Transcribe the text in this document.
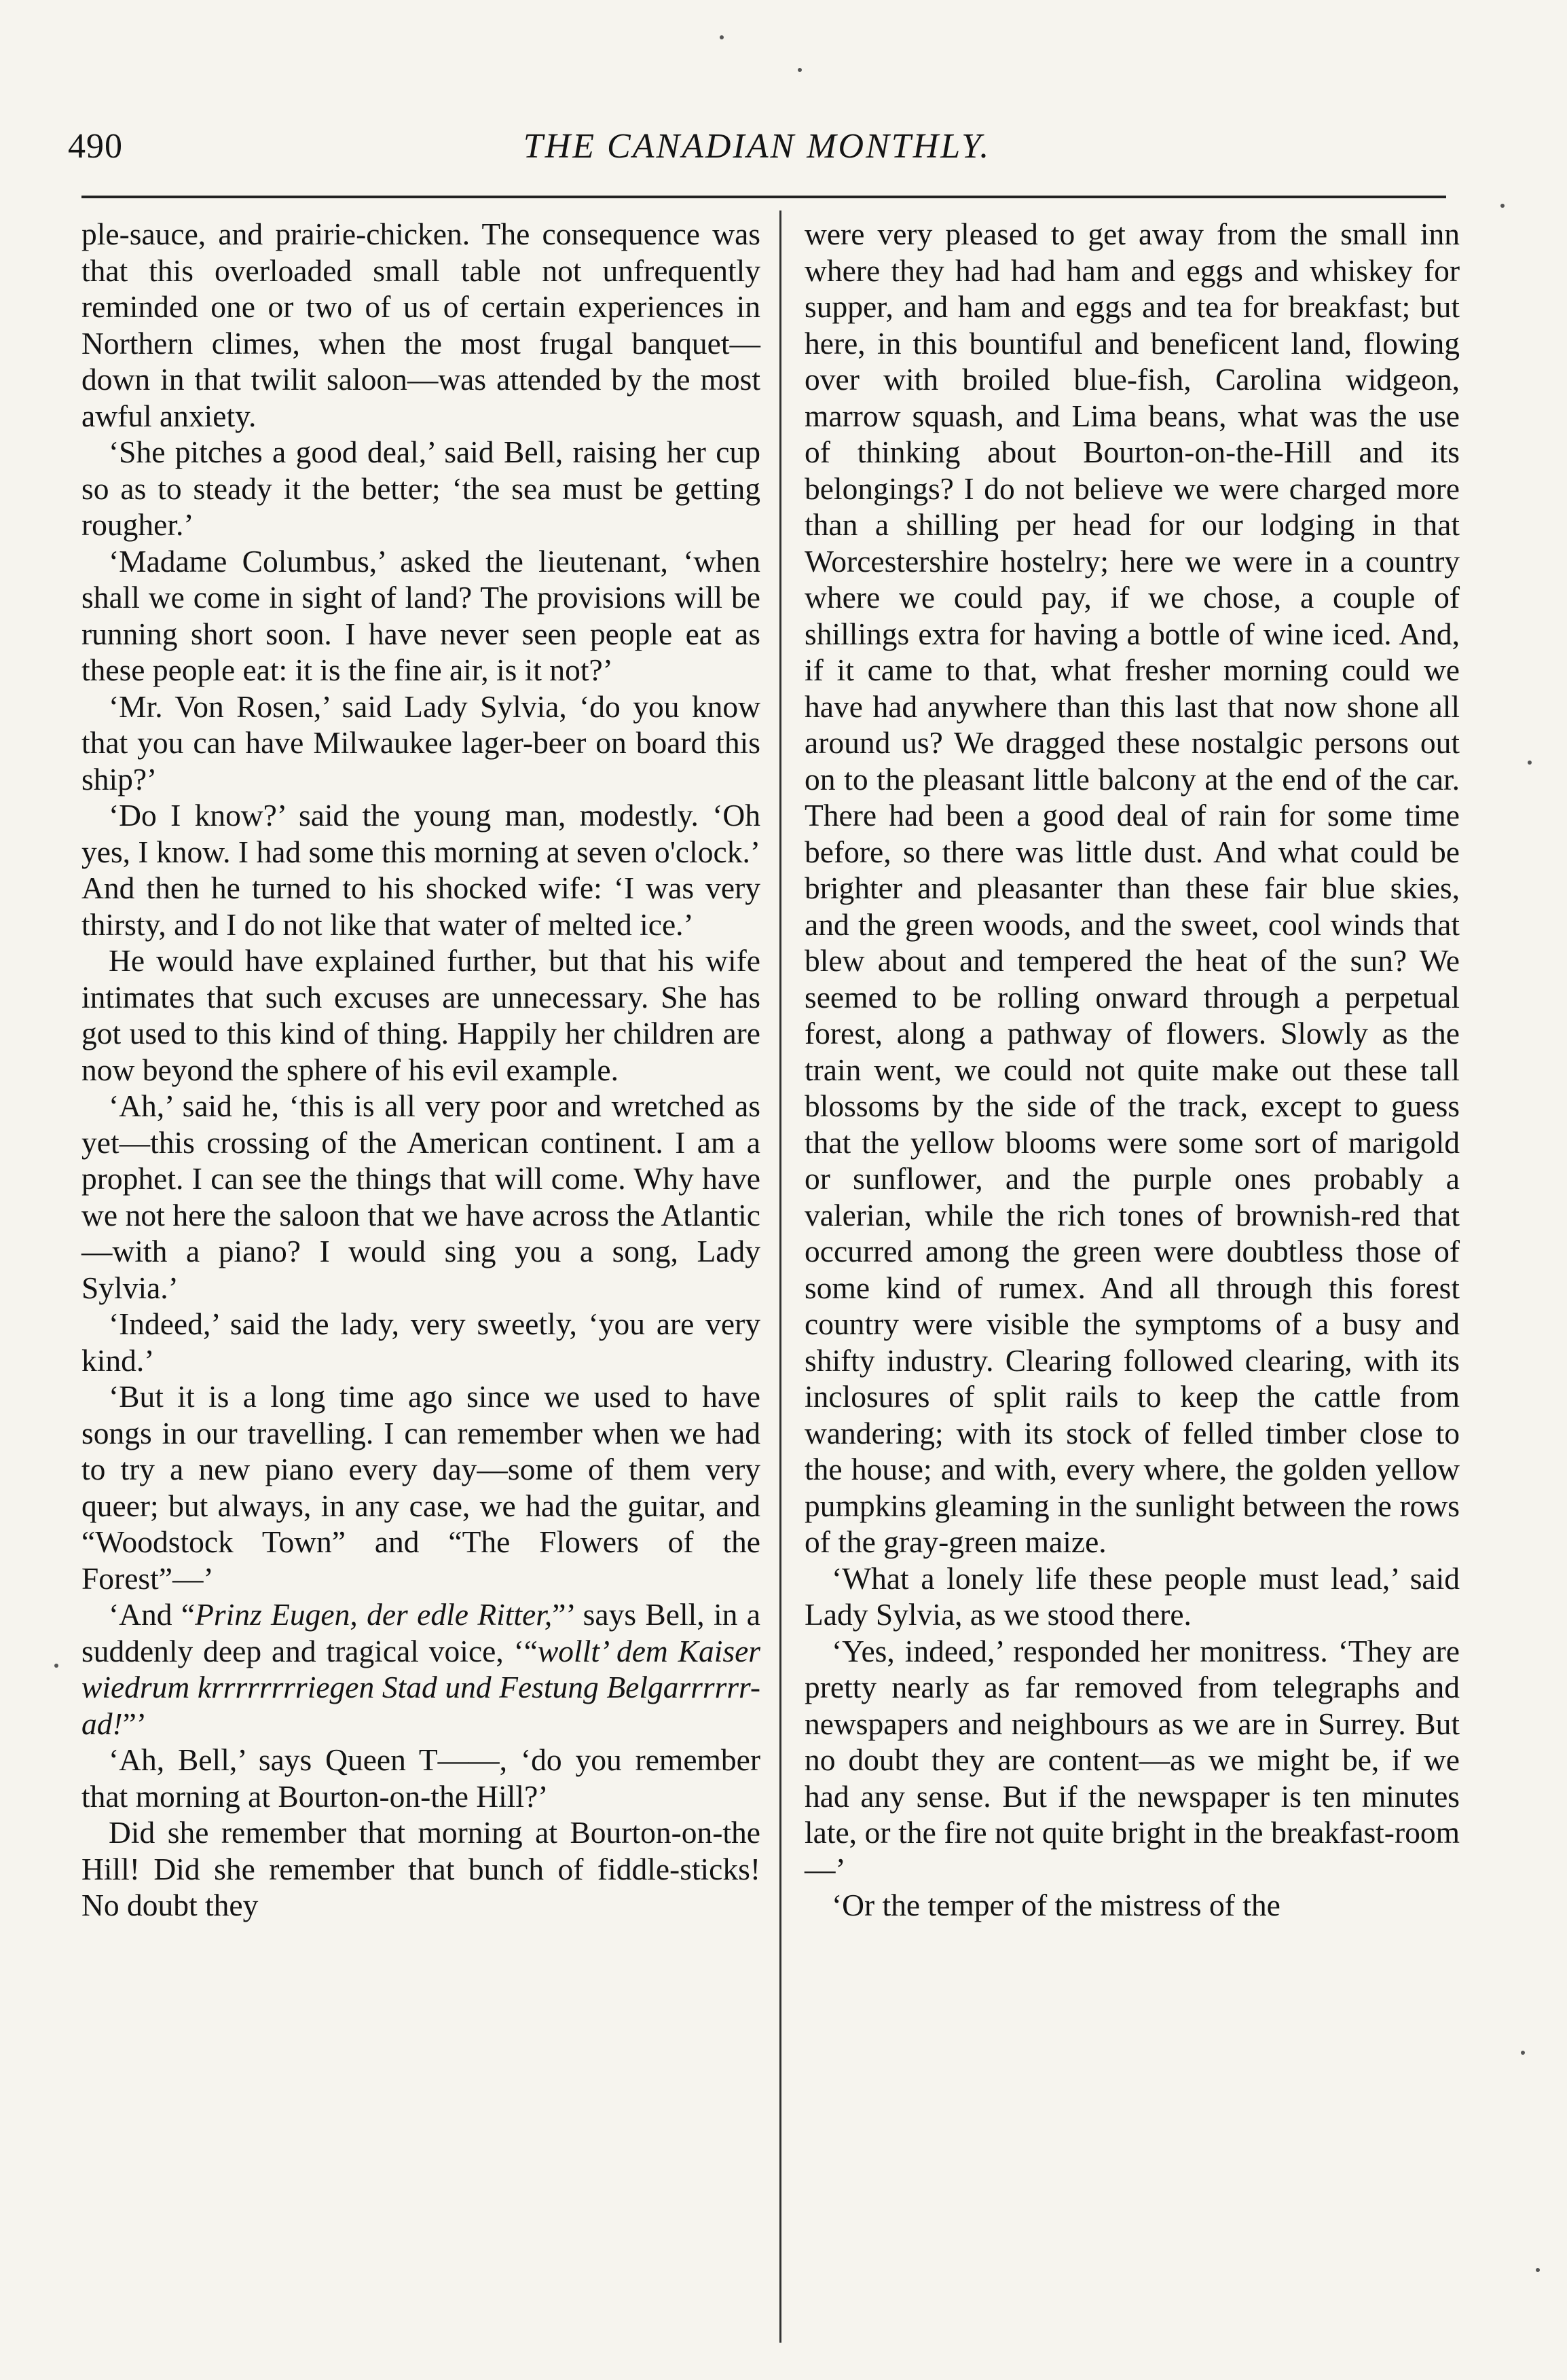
490	THE CANADIAN MONTHLY.

ple-sauce, and prairie-chicken. The consequence was that this overloaded small table not unfrequently reminded one or two of us of certain experiences in Northern climes, when the most frugal banquet—down in that twilit saloon—was attended by the most awful anxiety.

‘She pitches a good deal,’ said Bell, raising her cup so as to steady it the better; ‘the sea must be getting rougher.’

‘Madame Columbus,’ asked the lieutenant, ‘when shall we come in sight of land? The provisions will be running short soon. I have never seen people eat as these people eat: it is the fine air, is it not?’

‘Mr. Von Rosen,’ said Lady Sylvia, ‘do you know that you can have Milwaukee lager-beer on board this ship?’

‘Do I know?’ said the young man, modestly. ‘Oh yes, I know. I had some this morning at seven o'clock.’ And then he turned to his shocked wife: ‘I was very thirsty, and I do not like that water of melted ice.’

He would have explained further, but that his wife intimates that such excuses are unnecessary. She has got used to this kind of thing. Happily her children are now beyond the sphere of his evil example.

‘Ah,’ said he, ‘this is all very poor and wretched as yet—this crossing of the American continent. I am a prophet. I can see the things that will come. Why have we not here the saloon that we have across the Atlantic—with a piano? I would sing you a song, Lady Sylvia.’

‘Indeed,’ said the lady, very sweetly, ‘you are very kind.’

‘But it is a long time ago since we used to have songs in our travelling. I can remember when we had to try a new piano every day—some of them very queer; but always, in any case, we had the guitar, and “Woodstock Town” and “The Flowers of the Forest”—’

‘And “Prinz Eugen, der edle Ritter,”’ says Bell, in a suddenly deep and tragical voice, ‘“wollt’ dem Kaiser wiedrum krrrrrrrriegen Stad und Festung Belgarrrrrr-ad!”’

‘Ah, Bell,’ says Queen T——, ‘do you remember that morning at Bourton-on-the Hill?’

Did she remember that morning at Bourton-on-the Hill! Did she remember that bunch of fiddle-sticks! No doubt they

were very pleased to get away from the small inn where they had had ham and eggs and whiskey for supper, and ham and eggs and tea for breakfast; but here, in this bountiful and beneficent land, flowing over with broiled blue-fish, Carolina widgeon, marrow squash, and Lima beans, what was the use of thinking about Bourton-on-the-Hill and its belongings? I do not believe we were charged more than a shilling per head for our lodging in that Worcestershire hostelry; here we were in a country where we could pay, if we chose, a couple of shillings extra for having a bottle of wine iced. And, if it came to that, what fresher morning could we have had anywhere than this last that now shone all around us? We dragged these nostalgic persons out on to the pleasant little balcony at the end of the car. There had been a good deal of rain for some time before, so there was little dust. And what could be brighter and pleasanter than these fair blue skies, and the green woods, and the sweet, cool winds that blew about and tempered the heat of the sun? We seemed to be rolling onward through a perpetual forest, along a pathway of flowers. Slowly as the train went, we could not quite make out these tall blossoms by the side of the track, except to guess that the yellow blooms were some sort of marigold or sunflower, and the purple ones probably a valerian, while the rich tones of brownish-red that occurred among the green were doubtless those of some kind of rumex. And all through this forest country were visible the symptoms of a busy and shifty industry. Clearing followed clearing, with its inclosures of split rails to keep the cattle from wandering; with its stock of felled timber close to the house; and with, every where, the golden yellow pumpkins gleaming in the sunlight between the rows of the gray-green maize.

‘What a lonely life these people must lead,’ said Lady Sylvia, as we stood there.

‘Yes, indeed,’ responded her monitress. ‘They are pretty nearly as far removed from telegraphs and newspapers and neighbours as we are in Surrey. But no doubt they are content—as we might be, if we had any sense. But if the newspaper is ten minutes late, or the fire not quite bright in the breakfast-room—’

‘Or the temper of the mistress of the
